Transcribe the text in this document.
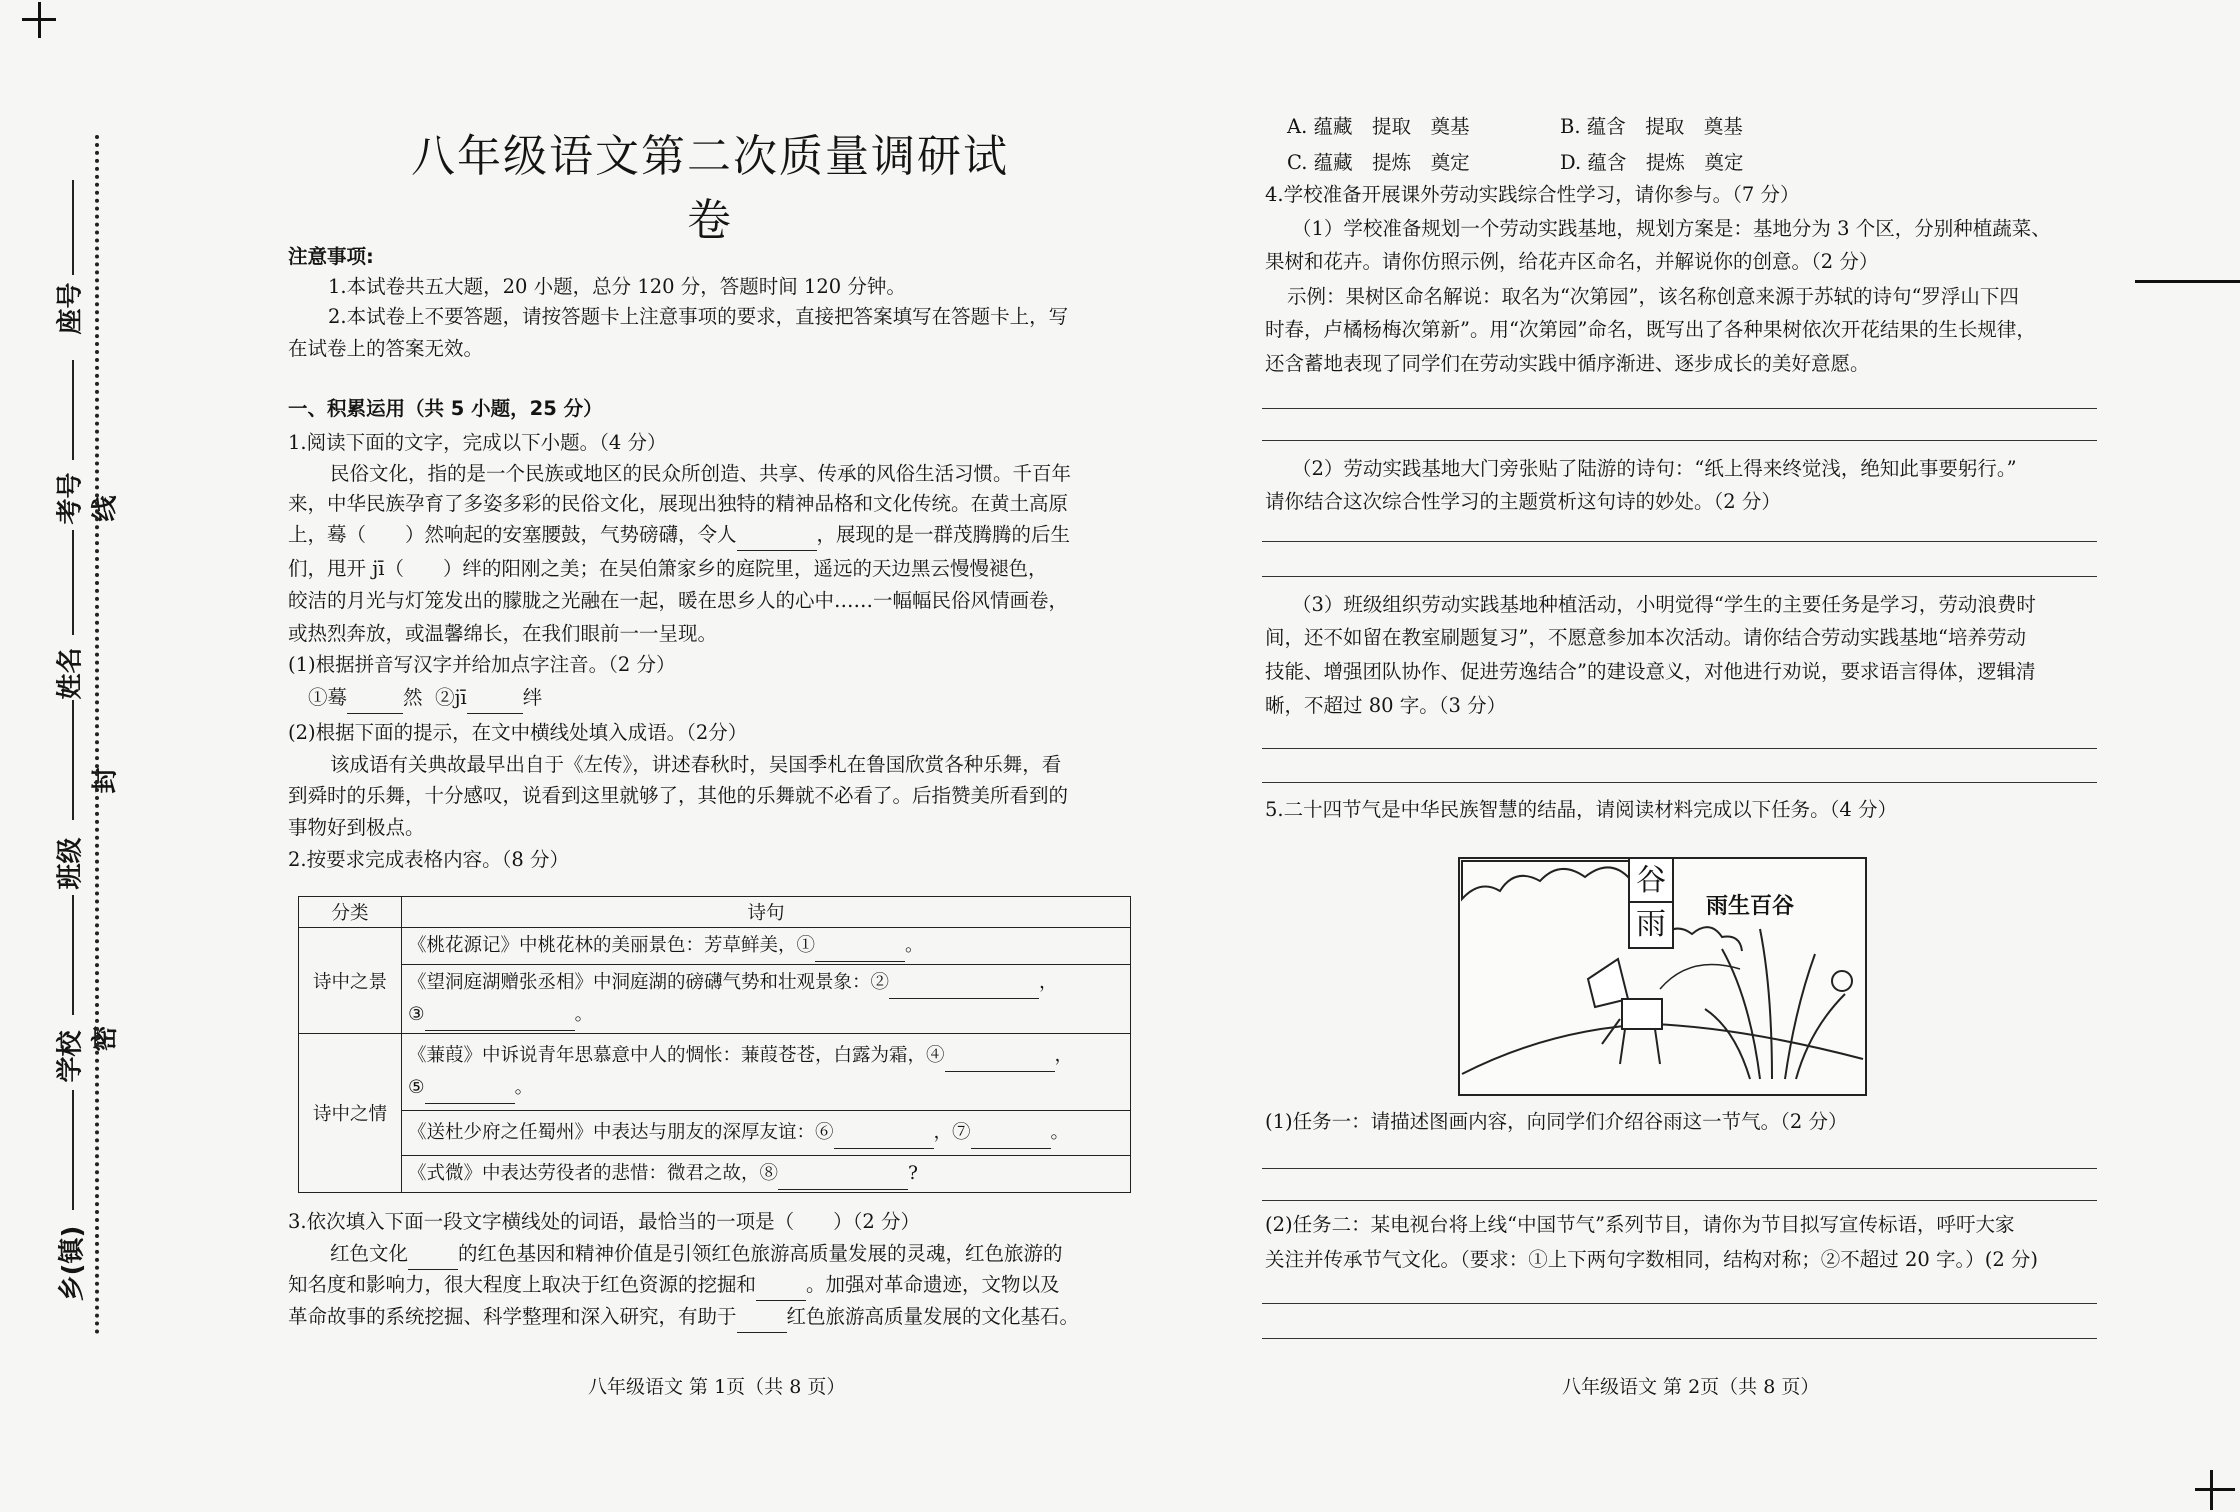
座号
考号 线
姓名
封
班级
学校 密
乡(镇)
八年级语文第二次质量调研试卷
注意事项:
1.本试卷共五大题，20 小题，总分 120 分，答题时间 120 分钟。
2.本试卷上不要答题，请按答题卡上注意事项的要求，直接把答案填写在答题卡上，写
在试卷上的答案无效。
一、积累运用（共 5 小题，25 分）
1.阅读下面的文字，完成以下小题。（4 分）
民俗文化，指的是一个民族或地区的民众所创造、共享、传承的风俗生活习惯。千百年
来，中华民族孕育了多姿多彩的民俗文化，展现出独特的精神品格和文化传统。在黄土高原
上，蓦（　　）然响起的安塞腰鼓，气势磅礴，令人	，展现的是一群茂腾腾的后生
们，甩开 jī（　　）绊的阳刚之美；在吴伯箫家乡的庭院里，遥远的天边黑云慢慢褪色，
皎洁的月光与灯笼发出的朦胧之光融在一起，暖在思乡人的心中……一幅幅民俗风情画卷，
或热烈奔放，或温馨绵长，在我们眼前一一呈现。
(1)根据拼音写汉字并给加点字注音。（2 分）
①蓦	然 ②jī	绊
(2)根据下面的提示，在文中横线处填入成语。（2分）
该成语有关典故最早出自于《左传》，讲述春秋时，吴国季札在鲁国欣赏各种乐舞，看
到舜时的乐舞，十分感叹，说看到这里就够了，其他的乐舞就不必看了。后指赞美所看到的
事物好到极点。
2.按要求完成表格内容。（8 分）
分类	诗句
诗中之景	《桃花源记》中桃花林的美丽景色：芳草鲜美，① 。
	《望洞庭湖赠张丞相》中洞庭湖的磅礴气势和壮观景象：② ，
③ 。
诗中之情	《蒹葭》中诉说青年思慕意中人的惆怅：蒹葭苍苍，白露为霜，④ ，
⑤ 。
	《送杜少府之任蜀州》中表达与朋友的深厚友谊：⑥ ，⑦ 。
	《式微》中表达劳役者的悲惜：微君之故，⑧ ?
3.依次填入下面一段文字横线处的词语，最恰当的一项是（　　）（2 分）
红色文化	的红色基因和精神价值是引领红色旅游高质量发展的灵魂，红色旅游的
知名度和影响力，很大程度上取决于红色资源的挖掘和	。加强对革命遗迹，文物以及
革命故事的系统挖掘、科学整理和深入研究，有助于	红色旅游高质量发展的文化基石。
八年级语文 第 1页（共 8 页）
A. 蕴藏　提取　奠基	B. 蕴含　提取　奠基
C. 蕴藏　提炼　奠定	D. 蕴含　提炼　奠定
4.学校准备开展课外劳动实践综合性学习，请你参与。（7 分）
（1）学校准备规划一个劳动实践基地，规划方案是：基地分为 3 个区，分别种植蔬菜、
果树和花卉。请你仿照示例，给花卉区命名，并解说你的创意。（2 分）
示例：果树区命名解说：取名为“次第园”，该名称创意来源于苏轼的诗句“罗浮山下四
时春，卢橘杨梅次第新”。用“次第园”命名，既写出了各种果树依次开花结果的生长规律，
还含蓄地表现了同学们在劳动实践中循序渐进、逐步成长的美好意愿。
（2）劳动实践基地大门旁张贴了陆游的诗句：“纸上得来终觉浅，绝知此事要躬行。”
请你结合这次综合性学习的主题赏析这句诗的妙处。（2 分）
（3）班级组织劳动实践基地种植活动，小明觉得“学生的主要任务是学习，劳动浪费时
间，还不如留在教室刷题复习”，不愿意参加本次活动。请你结合劳动实践基地“培养劳动
技能、增强团队协作、促进劳逸结合”的建设意义，对他进行劝说，要求语言得体，逻辑清
晰，不超过 80 字。（3 分）
5.二十四节气是中华民族智慧的结晶，请阅读材料完成以下任务。（4 分）
谷
雨
雨生百谷
(1)任务一：请描述图画内容，向同学们介绍谷雨这一节气。（2 分）
(2)任务二：某电视台将上线“中国节气”系列节目，请你为节目拟写宣传标语，呼吁大家
关注并传承节气文化。（要求：①上下两句字数相同，结构对称；②不超过 20 字。）(2 分)
八年级语文 第 2页（共 8 页）
